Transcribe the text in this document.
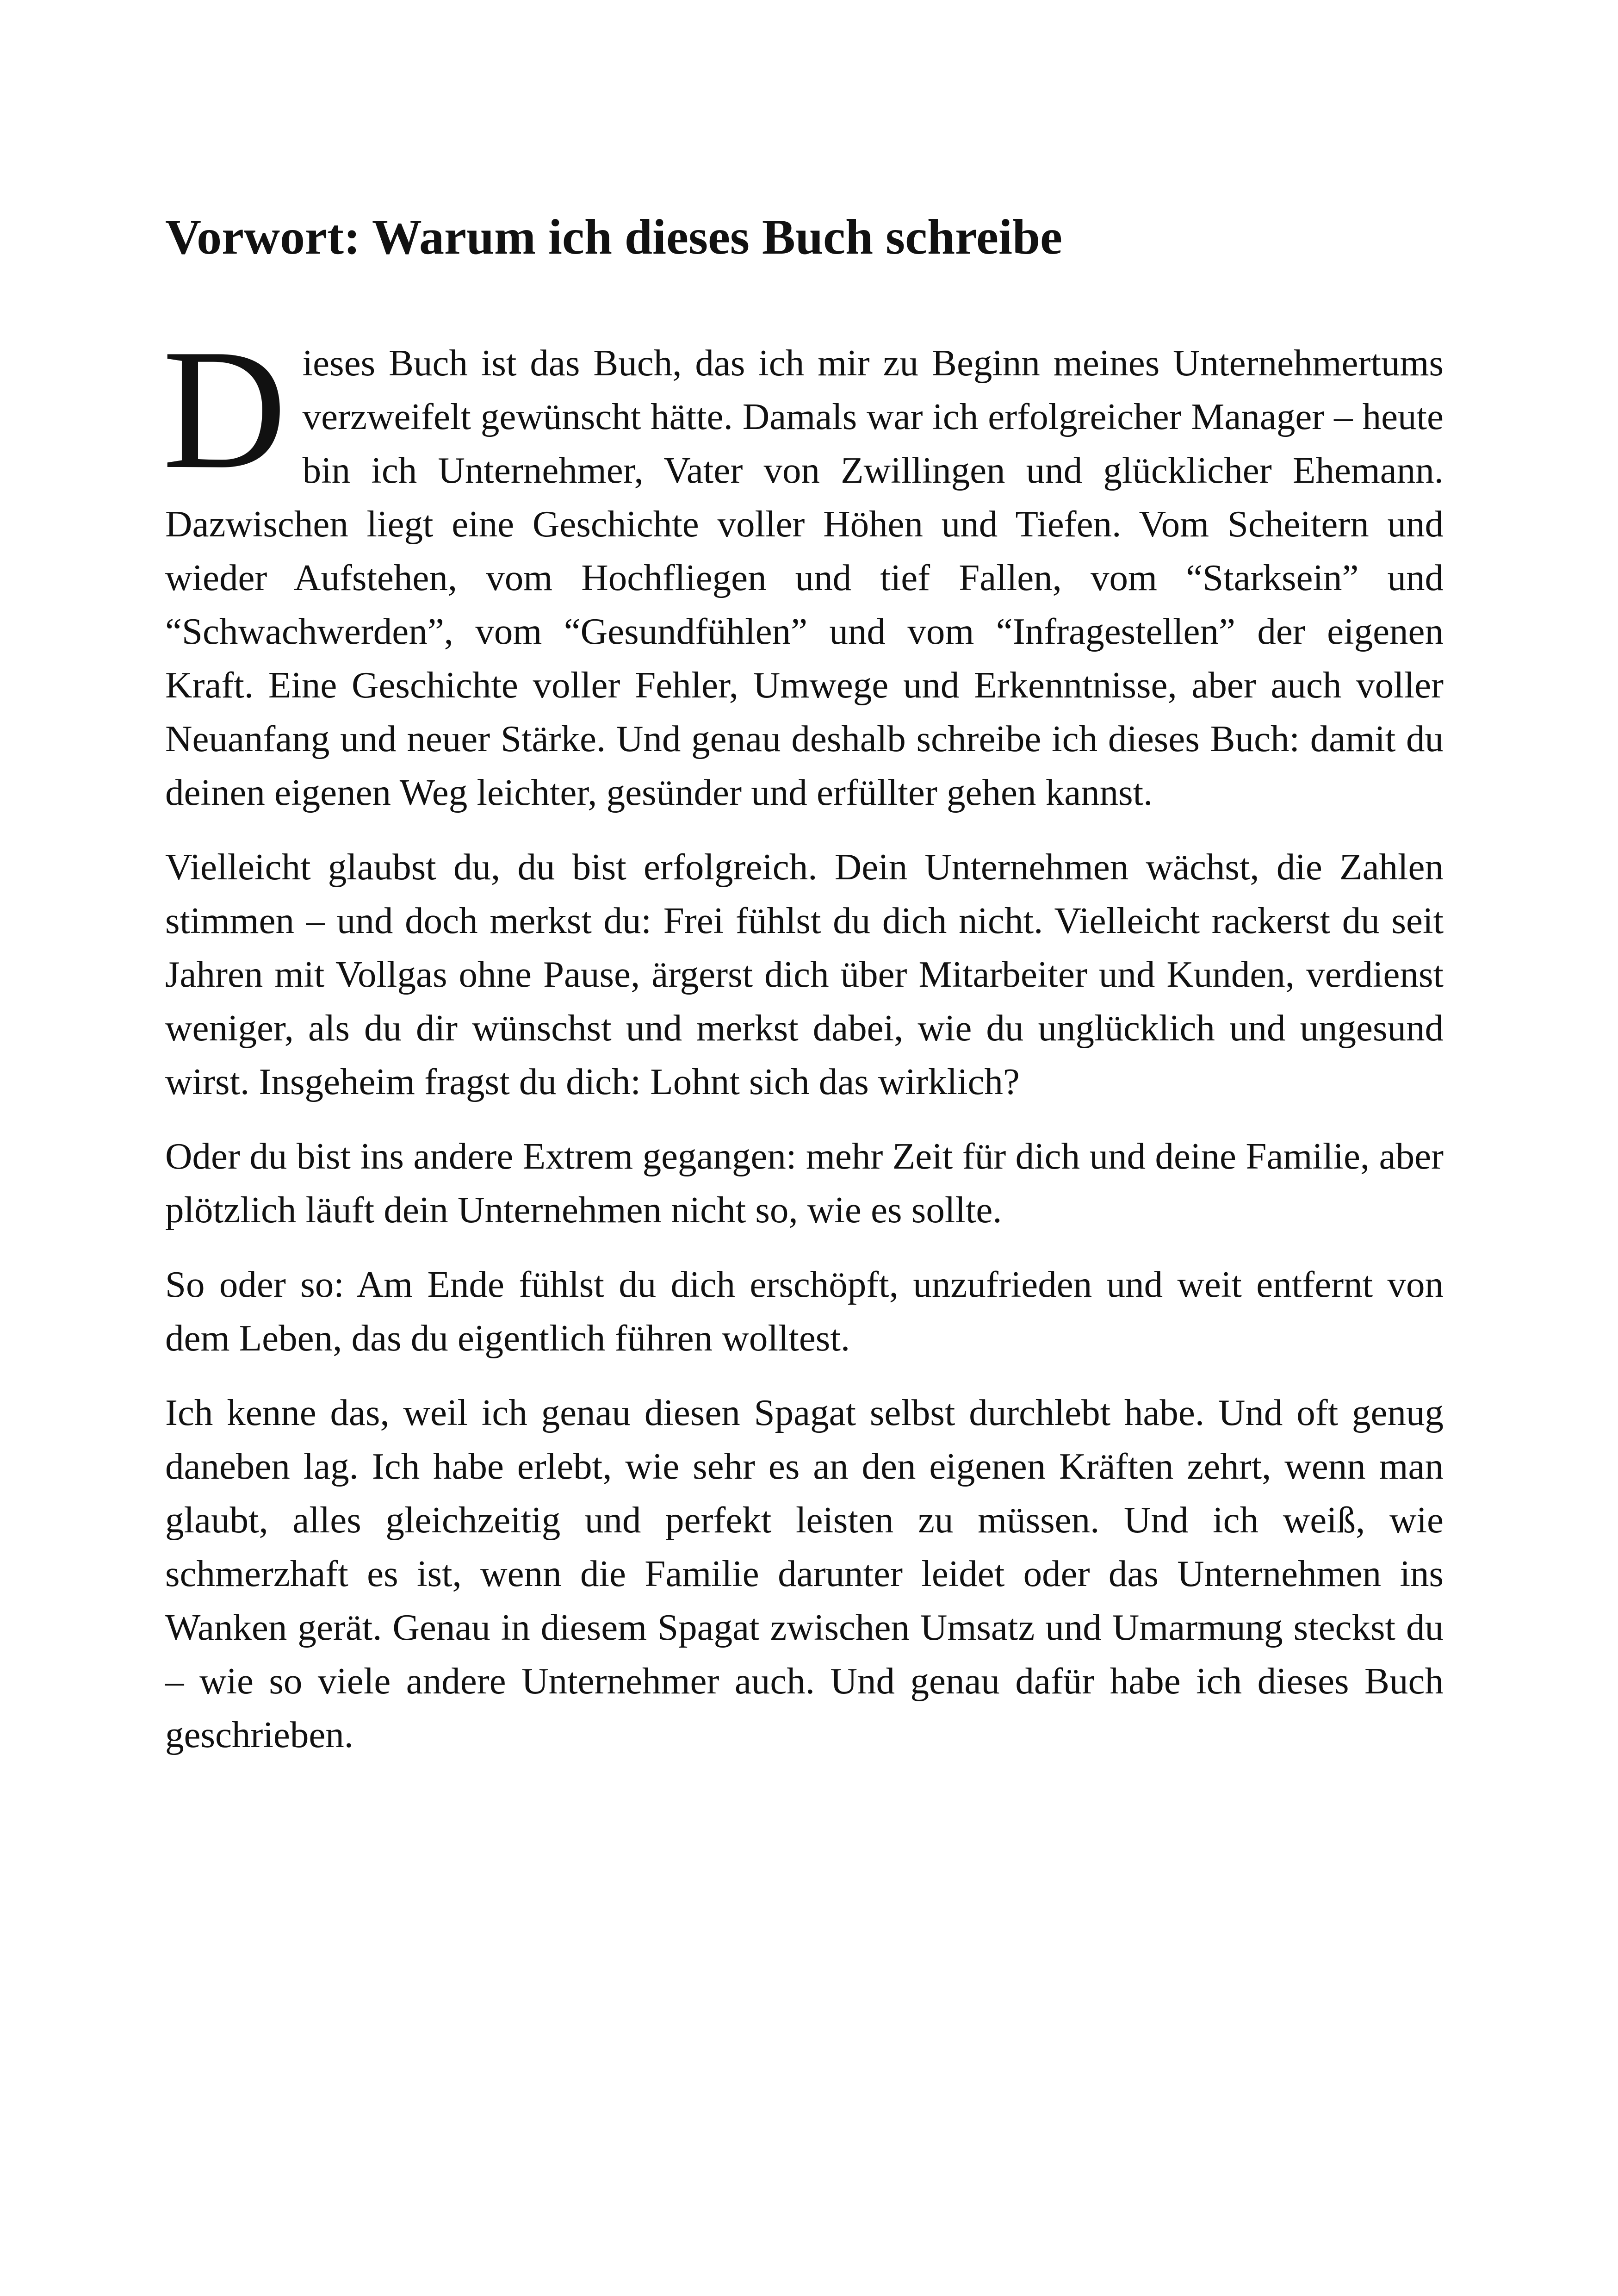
Vorwort: Warum ich dieses Buch schreibe

Dieses Buch ist das Buch, das ich mir zu Beginn meines Unternehmertums verzweifelt gewünscht hätte. Damals war ich erfolgreicher Manager – heute bin ich Unternehmer, Vater von Zwillingen und glücklicher Ehemann. Dazwischen liegt eine Geschichte voller Höhen und Tiefen. Vom Scheitern und wieder Aufstehen, vom Hochfliegen und tief Fallen, vom “Starksein” und “Schwachwerden”, vom “Gesundfühlen” und vom “Infragestellen” der eigenen Kraft. Eine Geschichte voller Fehler, Umwege und Erkenntnisse, aber auch voller Neuanfang und neuer Stärke. Und genau deshalb schreibe ich dieses Buch: damit du deinen eigenen Weg leichter, gesünder und erfüllter gehen kannst.

Vielleicht glaubst du, du bist erfolgreich. Dein Unternehmen wächst, die Zahlen stimmen – und doch merkst du: Frei fühlst du dich nicht. Vielleicht rackerst du seit Jahren mit Vollgas ohne Pause, ärgerst dich über Mitarbeiter und Kunden, verdienst weniger, als du dir wünschst und merkst dabei, wie du unglücklich und ungesund wirst. Insgeheim fragst du dich: Lohnt sich das wirklich?

Oder du bist ins andere Extrem gegangen: mehr Zeit für dich und deine Familie, aber plötzlich läuft dein Unternehmen nicht so, wie es sollte.

So oder so: Am Ende fühlst du dich erschöpft, unzufrieden und weit entfernt von dem Leben, das du eigentlich führen wolltest.

Ich kenne das, weil ich genau diesen Spagat selbst durchlebt habe. Und oft genug daneben lag. Ich habe erlebt, wie sehr es an den eigenen Kräften zehrt, wenn man glaubt, alles gleichzeitig und perfekt leisten zu müssen. Und ich weiß, wie schmerzhaft es ist, wenn die Familie darunter leidet oder das Unternehmen ins Wanken gerät. Genau in diesem Spagat zwischen Umsatz und Umarmung steckst du – wie so viele andere Unternehmer auch. Und genau dafür habe ich dieses Buch geschrieben.
